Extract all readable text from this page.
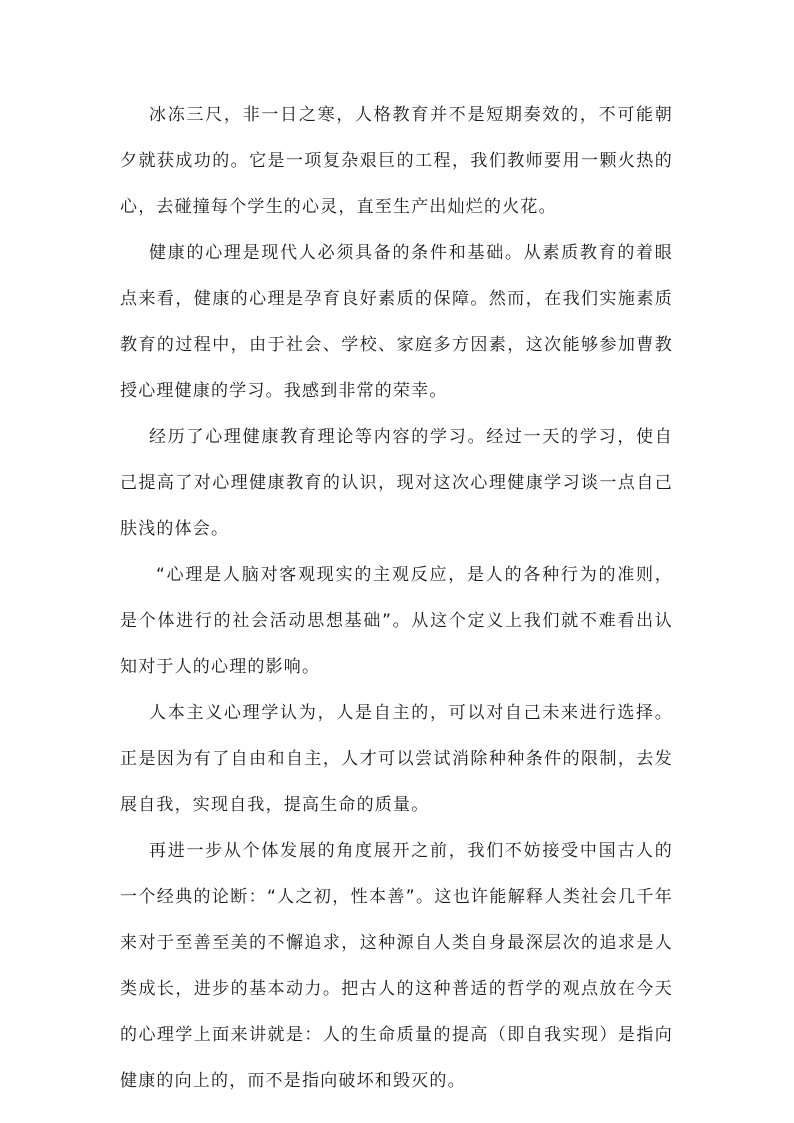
冰冻三尺，非一日之寒，人格教育并不是短期奏效的，不可能朝夕就获成功的。它是一项复杂艰巨的工程，我们教师要用一颗火热的心，去碰撞每个学生的心灵，直至生产出灿烂的火花。

健康的心理是现代人必须具备的条件和基础。从素质教育的着眼点来看，健康的心理是孕育良好素质的保障。然而，在我们实施素质教育的过程中，由于社会、学校、家庭多方因素，这次能够参加曹教授心理健康的学习。我感到非常的荣幸。

经历了心理健康教育理论等内容的学习。经过一天的学习，使自己提高了对心理健康教育的认识，现对这次心理健康学习谈一点自己肤浅的体会。

“心理是人脑对客观现实的主观反应，是人的各种行为的准则，是个体进行的社会活动思想基础”。从这个定义上我们就不难看出认知对于人的心理的影响。

人本主义心理学认为，人是自主的，可以对自己未来进行选择。正是因为有了自由和自主，人才可以尝试消除种种条件的限制，去发展自我，实现自我，提高生命的质量。

再进一步从个体发展的角度展开之前，我们不妨接受中国古人的一个经典的论断：“人之初，性本善”。这也许能解释人类社会几千年来对于至善至美的不懈追求，这种源自人类自身最深层次的追求是人类成长，进步的基本动力。把古人的这种普适的哲学的观点放在今天的心理学上面来讲就是：人的生命质量的提高（即自我实现）是指向健康的向上的，而不是指向破坏和毁灭的。
